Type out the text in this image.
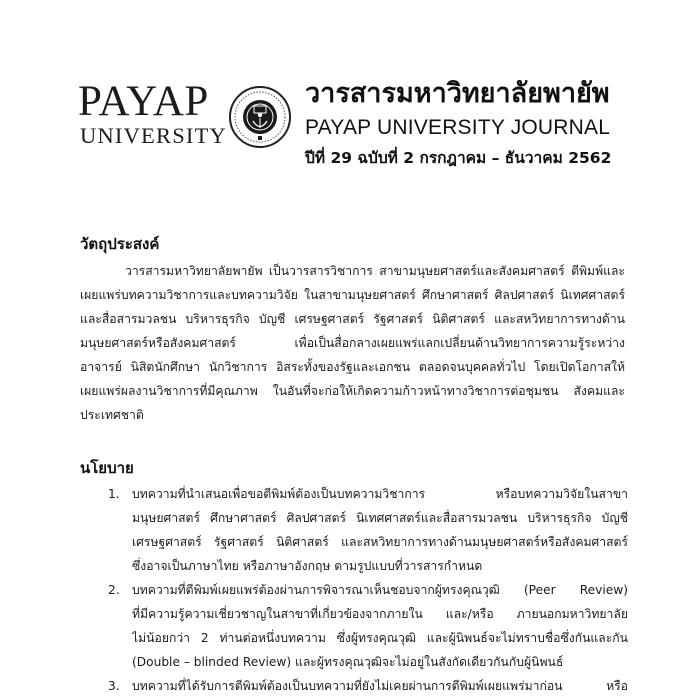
PAYAP
UNIVERSITY
วารสารมหาวิทยาลัยพายัพ
PAYAP UNIVERSITY JOURNAL
ปีที่ 29 ฉบับที่ 2 กรกฎาคม – ธันวาคม 2562
วัตถุประสงค์
วารสารมหาวิทยาลัยพายัพ เป็นวารสารวิชาการ สาขามนุษยศาสตร์และสังคมศาสตร์ ตีพิมพ์และ
เผยแพร่บทความวิชาการและบทความวิจัย ในสาขามนุษยศาสตร์ ศึกษาศาสตร์ ศิลปศาสตร์ นิเทศศาสตร์
และสื่อสารมวลชน บริหารธุรกิจ บัญชี เศรษฐศาสตร์ รัฐศาสตร์ นิติศาสตร์ และสหวิทยาการทางด้าน
มนุษยศาสตร์หรือสังคมศาสตร์ เพื่อเป็นสื่อกลางเผยแพร่แลกเปลี่ยนด้านวิทยาการความรู้ระหว่าง
อาจารย์ นิสิตนักศึกษา นักวิชาการ อิสระทั้งของรัฐและเอกชน ตลอดจนบุคคลทั่วไป โดยเปิดโอกาสให้
เผยแพร่ผลงานวิชาการที่มีคุณภาพ ในอันที่จะก่อให้เกิดความก้าวหน้าทางวิชาการต่อชุมชน สังคมและ
ประเทศชาติ
นโยบาย
1. บทความที่นำเสนอเพื่อขอตีพิมพ์ต้องเป็นบทความวิชาการ หรือบทความวิจัยในสาขา
มนุษยศาสตร์ ศึกษาศาสตร์ ศิลปศาสตร์ นิเทศศาสตร์และสื่อสารมวลชน บริหารธุรกิจ บัญชี
เศรษฐศาสตร์ รัฐศาสตร์ นิติศาสตร์ และสหวิทยาการทางด้านมนุษยศาสตร์หรือสังคมศาสตร์
ซึ่งอาจเป็นภาษาไทย หรือภาษาอังกฤษ ตามรูปแบบที่วารสารกำหนด
2. บทความที่ตีพิมพ์เผยแพร่ต้องผ่านการพิจารณาเห็นชอบจากผู้ทรงคุณวุฒิ (Peer Review)
ที่มีความรู้ความเชี่ยวชาญในสาขาที่เกี่ยวข้องจากภายใน และ/หรือ ภายนอกมหาวิทยาลัย
ไม่น้อยกว่า 2 ท่านต่อหนึ่งบทความ ซึ่งผู้ทรงคุณวุฒิ และผู้นิพนธ์จะไม่ทราบชื่อซึ่งกันและกัน
(Double – blinded Review) และผู้ทรงคุณวุฒิจะไม่อยู่ในสังกัดเดียวกันกับผู้นิพนธ์
3. บทความที่ได้รับการตีพิมพ์ต้องเป็นบทความที่ยังไม่เคยผ่านการตีพิมพ์เผยแพร่มาก่อน หรือ
